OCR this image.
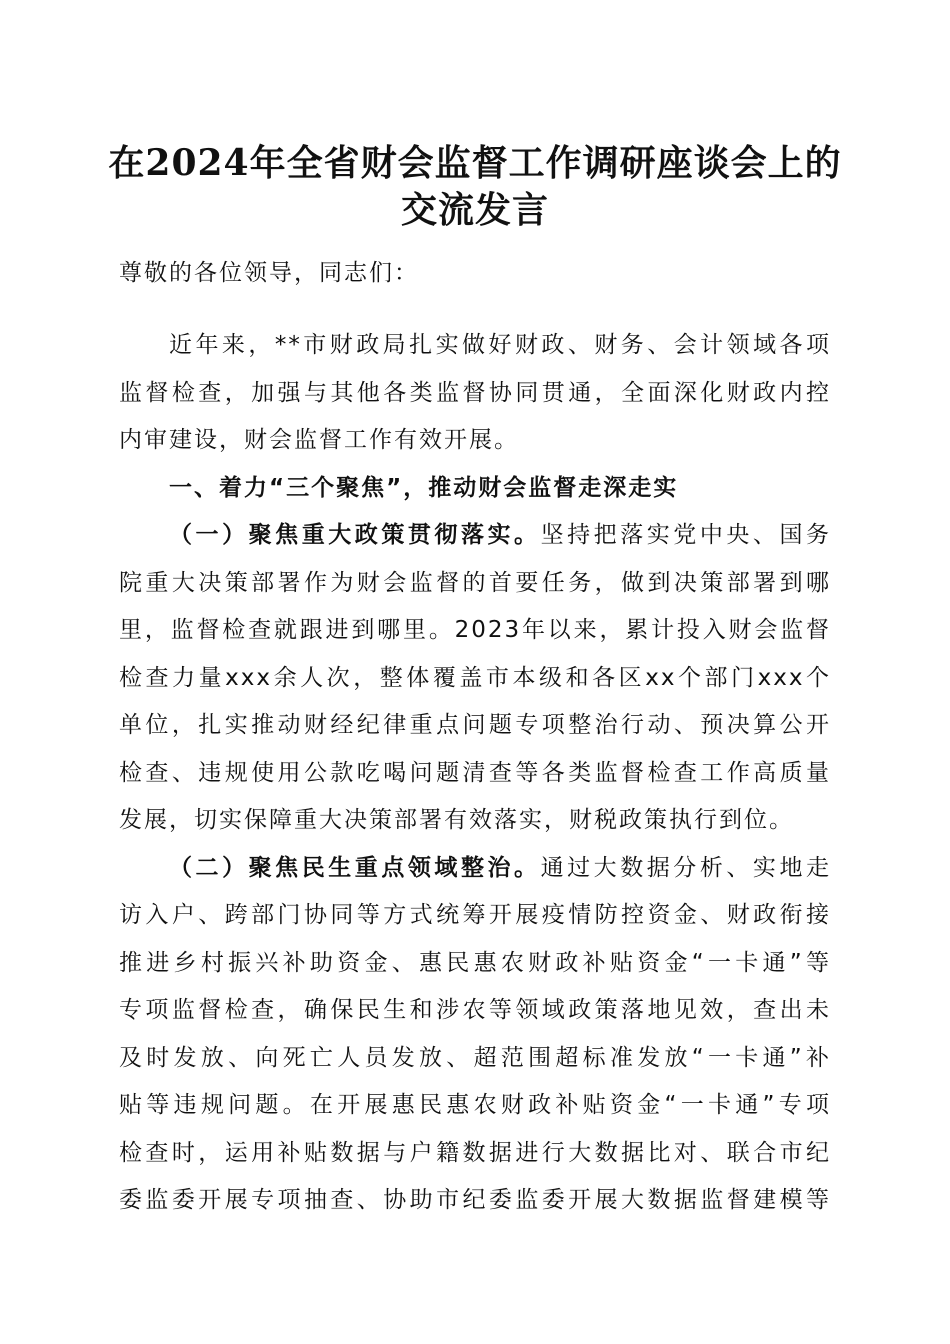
在2024年全省财会监督工作调研座谈会上的
交流发言
尊敬的各位领导，同志们：
近年来，**市财政局扎实做好财政、财务、会计领域各项
监督检查，加强与其他各类监督协同贯通，全面深化财政内控
内审建设，财会监督工作有效开展。
一、着力“三个聚焦”，推动财会监督走深走实
（一）聚焦重大政策贯彻落实。坚持把落实党中央、国务
院重大决策部署作为财会监督的首要任务，做到决策部署到哪
里，监督检查就跟进到哪里。2023年以来，累计投入财会监督
检查力量xxx余人次，整体覆盖市本级和各区xx个部门xxx个
单位，扎实推动财经纪律重点问题专项整治行动、预决算公开
检查、违规使用公款吃喝问题清查等各类监督检查工作高质量
发展，切实保障重大决策部署有效落实，财税政策执行到位。
（二）聚焦民生重点领域整治。通过大数据分析、实地走
访入户、跨部门协同等方式统筹开展疫情防控资金、财政衔接
推进乡村振兴补助资金、惠民惠农财政补贴资金“一卡通”等
专项监督检查，确保民生和涉农等领域政策落地见效，查出未
及时发放、向死亡人员发放、超范围超标准发放“一卡通”补
贴等违规问题。在开展惠民惠农财政补贴资金“一卡通”专项
检查时，运用补贴数据与户籍数据进行大数据比对、联合市纪
委监委开展专项抽查、协助市纪委监委开展大数据监督建模等
